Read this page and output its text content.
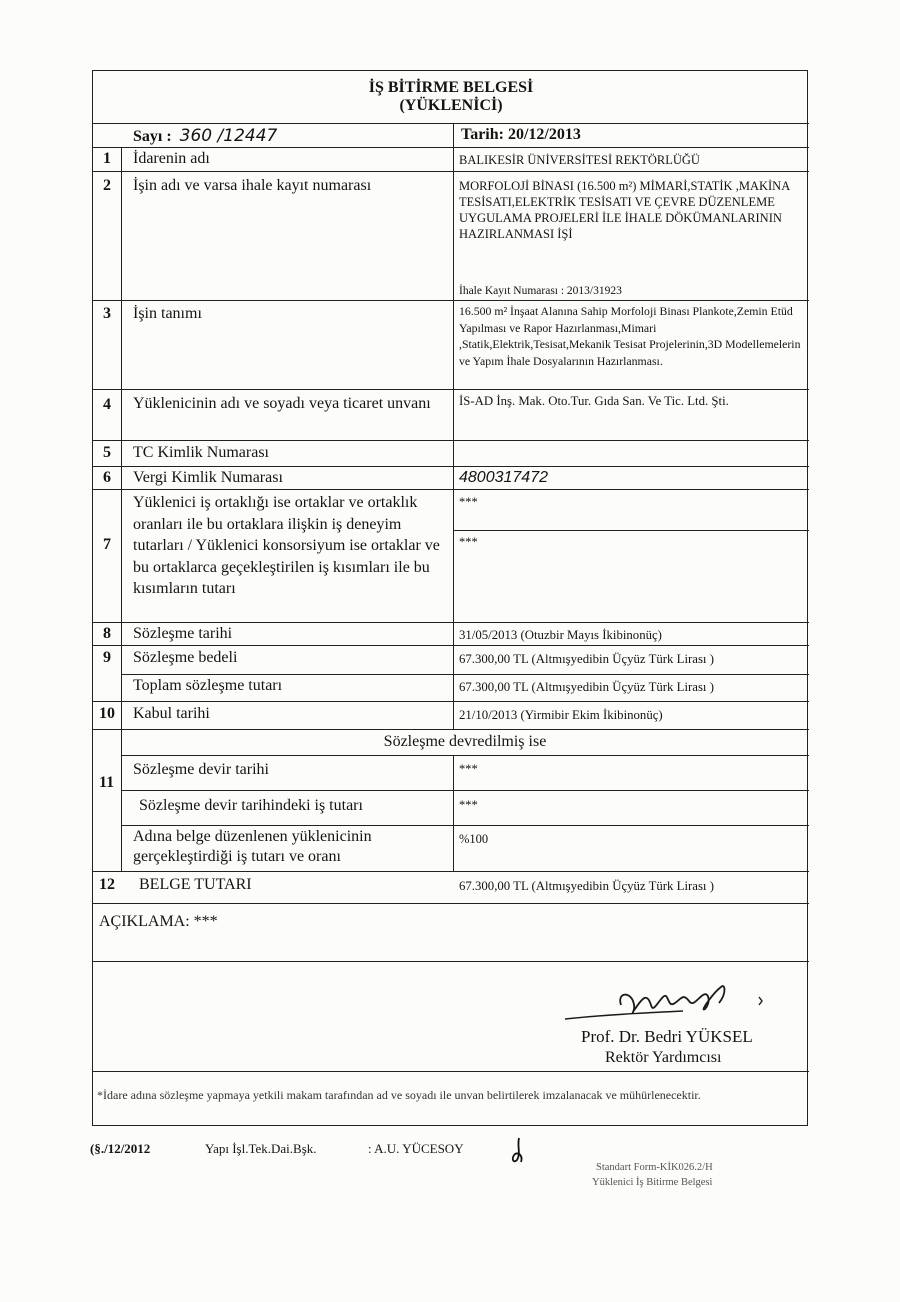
İŞ BİTİRME BELGESİ
(YÜKLENİCİ)
Sayı : 360 /12447	Tarih: 20/12/2013
1 İdarenin adı	BALIKESİR ÜNİVERSİTESİ REKTÖRLÜĞÜ
2 İşin adı ve varsa ihale kayıt numarası	MORFOLOJİ BİNASI (16.500 m²) MİMARİ,STATİK ,MAKİNA TESİSATI,ELEKTRİK TESİSATI VE ÇEVRE DÜZENLEME UYGULAMA PROJELERİ İLE İHALE DÖKÜMANLARININ HAZIRLANMASI İŞİ
İhale Kayıt Numarası : 2013/31923
3 İşin tanımı	16.500 m² İnşaat Alanına Sahip Morfoloji Binası Plankote,Zemin Etüd Yapılması ve Rapor Hazırlanması,Mimari ,Statik,Elektrik,Tesisat,Mekanik Tesisat Projelerinin,3D Modellemelerin ve Yapım İhale Dosyalarının Hazırlanması.
4 Yüklenicinin adı ve soyadı veya ticaret unvanı	İS-AD İnş. Mak. Oto.Tur. Gıda San. Ve Tic. Ltd. Şti.
5 TC Kimlik Numarası
6 Vergi Kimlik Numarası	4800317472
7
Yüklenici iş ortaklığı ise ortaklar ve ortaklık oranları ile bu ortaklara ilişkin iş deneyim tutarları / Yüklenici konsorsiyum ise ortaklar ve bu ortaklarca geçekleştirilen iş kısımları ile bu kısımların tutarı
***
***
8 Sözleşme tarihi	31/05/2013 (Otuzbir Mayıs İkibinonüç)
9 Sözleşme bedeli	67.300,00 TL (Altmışyedibin Üçyüz Türk Lirası )
Toplam sözleşme tutarı	67.300,00 TL (Altmışyedibin Üçyüz Türk Lirası )
10 Kabul tarihi	21/10/2013 (Yirmibir Ekim İkibinonüç)
11
Sözleşme devredilmiş ise
Sözleşme devir tarihi	***
Sözleşme devir tarihindeki iş tutarı	***
Adına belge düzenlenen yüklenicinin gerçekleştirdiği iş tutarı ve oranı
%100
12 BELGE TUTARI	67.300,00 TL (Altmışyedibin Üçyüz Türk Lirası )
AÇIKLAMA: ***
Prof. Dr. Bedri YÜKSEL
Rektör Yardımcısı
*İdare adına sözleşme yapmaya yetkili makam tarafından ad ve soyadı ile unvan belirtilerek imzalanacak ve mühürlenecektir.
(§./12/2012	Yapı İşl.Tek.Dai.Bşk.	: A.U. YÜCESOY
Standart Form-KİK026.2/H
Yüklenici İş Bitirme Belgesi
